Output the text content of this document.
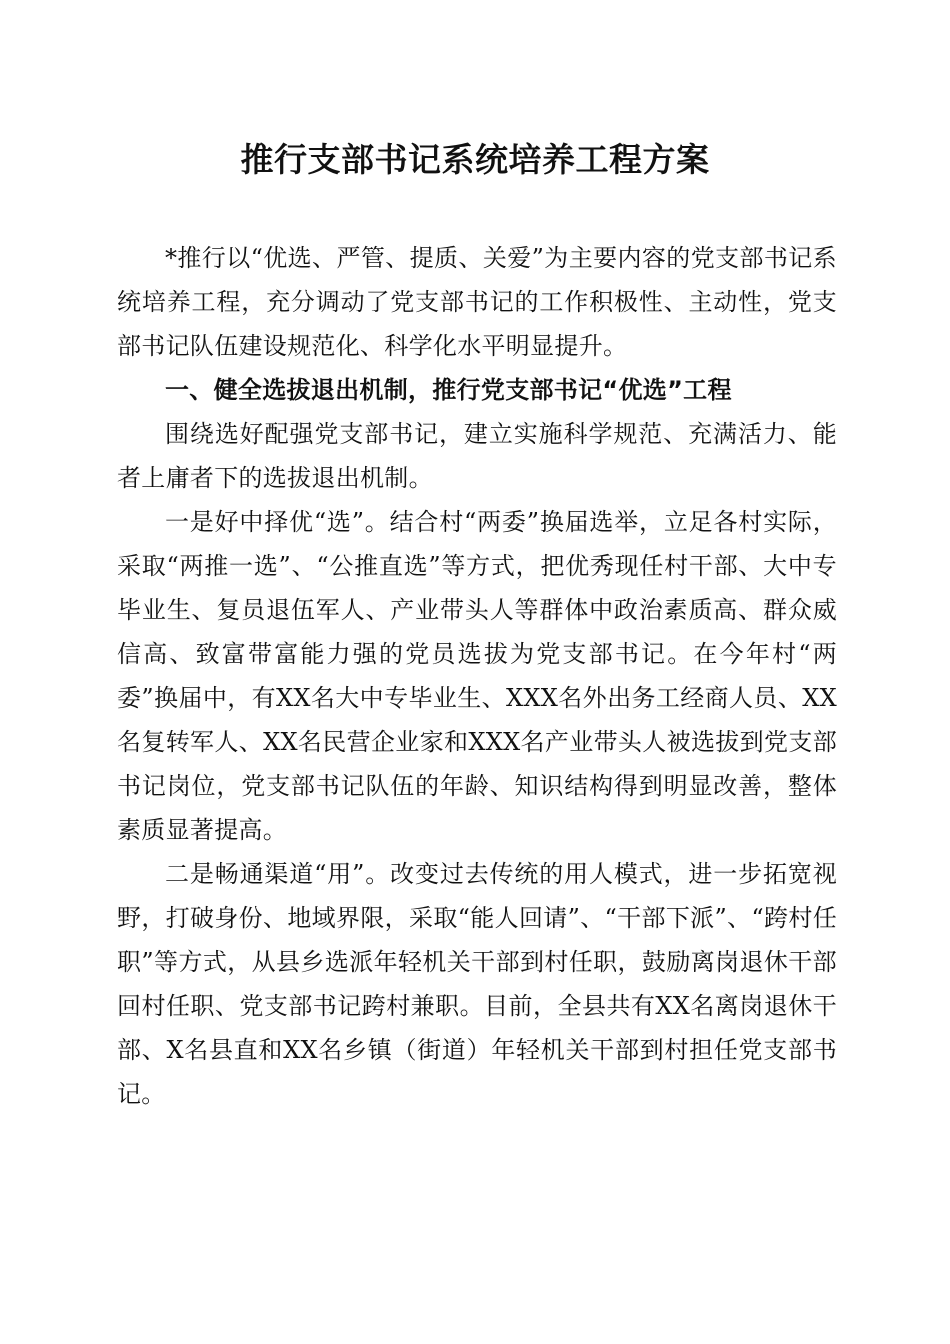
推行支部书记系统培养工程方案

*推行以“优选、严管、提质、关爱”为主要内容的党支部书记系统培养工程，充分调动了党支部书记的工作积极性、主动性，党支部书记队伍建设规范化、科学化水平明显提升。

一、健全选拔退出机制，推行党支部书记“优选”工程

围绕选好配强党支部书记，建立实施科学规范、充满活力、能者上庸者下的选拔退出机制。

一是好中择优“选”。结合村“两委”换届选举，立足各村实际，采取“两推一选”、“公推直选”等方式，把优秀现任村干部、大中专毕业生、复员退伍军人、产业带头人等群体中政治素质高、群众威信高、致富带富能力强的党员选拔为党支部书记。在今年村“两委”换届中，有XX名大中专毕业生、XXX名外出务工经商人员、XX名复转军人、XX名民营企业家和XXX名产业带头人被选拔到党支部书记岗位，党支部书记队伍的年龄、知识结构得到明显改善，整体素质显著提高。

二是畅通渠道“用”。改变过去传统的用人模式，进一步拓宽视野，打破身份、地域界限，采取“能人回请”、“干部下派”、“跨村任职”等方式，从县乡选派年轻机关干部到村任职，鼓励离岗退休干部回村任职、党支部书记跨村兼职。目前，全县共有XX名离岗退休干部、X名县直和XX名乡镇（街道）年轻机关干部到村担任党支部书记。
